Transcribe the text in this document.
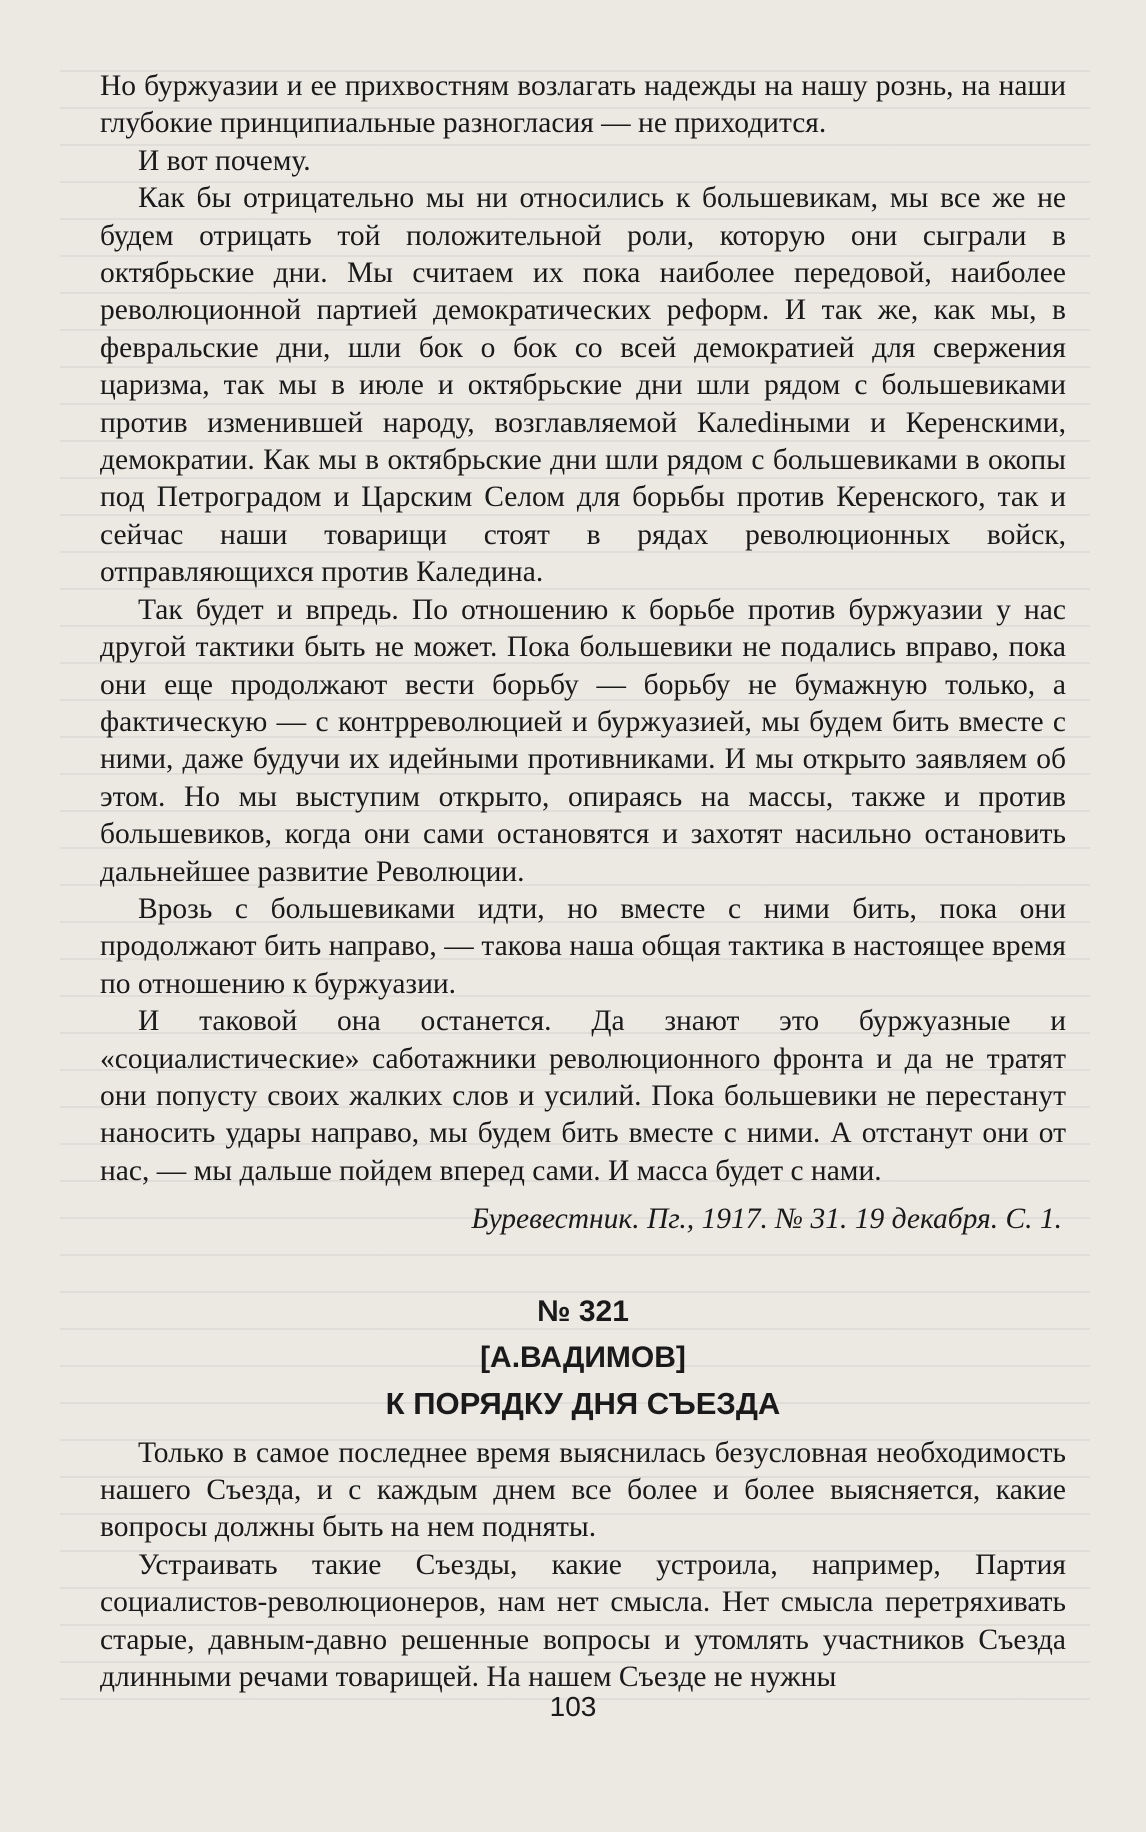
Но буржуазии и ее прихвостням возлагать надежды на нашу рознь, на наши глубокие принципиальные разногласия — не приходится.

И вот почему.

Как бы отрицательно мы ни относились к большевикам, мы все же не будем отрицать той положительной роли, которую они сыграли в октябрьские дни. Мы считаем их пока наиболее передовой, наиболее революционной партией демократических реформ. И так же, как мы, в февральские дни, шли бок о бок со всей демократией для свержения царизма, так мы в июле и октябрьские дни шли рядом с большевиками против изменившей народу, возглавляемой Калediными и Керенскими, демократии. Как мы в октябрьские дни шли рядом с большевиками в окопы под Петроградом и Царским Селом для борьбы против Керенского, так и сейчас наши товарищи стоят в рядах революционных войск, отправляющихся против Каледина.

Так будет и впредь. По отношению к борьбе против буржуазии у нас другой тактики быть не может. Пока большевики не подались вправо, пока они еще продолжают вести борьбу — борьбу не бумажную только, а фактическую — с контрреволюцией и буржуазией, мы будем бить вместе с ними, даже будучи их идейными противниками. И мы открыто заявляем об этом. Но мы выступим открыто, опираясь на массы, также и против большевиков, когда они сами остановятся и захотят насильно остановить дальнейшее развитие Революции.

Врозь с большевиками идти, но вместе с ними бить, пока они продолжают бить направо, — такова наша общая тактика в настоящее время по отношению к буржуазии.

И таковой она останется. Да знают это буржуазные и «социалистические» саботажники революционного фронта и да не тратят они попусту своих жалких слов и усилий. Пока большевики не перестанут наносить удары направо, мы будем бить вместе с ними. А отстанут они от нас, — мы дальше пойдем вперед сами. И масса будет с нами.

Буревестник. Пг., 1917. № 31. 19 декабря. С. 1.
№ 321
[А.ВАДИМОВ]
К ПОРЯДКУ ДНЯ СЪЕЗДА

Только в самое последнее время выяснилась безусловная необходимость нашего Съезда, и с каждым днем все более и более выясняется, какие вопросы должны быть на нем подняты.

Устраивать такие Съезды, какие устроила, например, Партия социалистов-революционеров, нам нет смысла. Нет смысла перетряхивать старые, давным-давно решенные вопросы и утомлять участников Съезда длинными речами товарищей. На нашем Съезде не нужны

103
